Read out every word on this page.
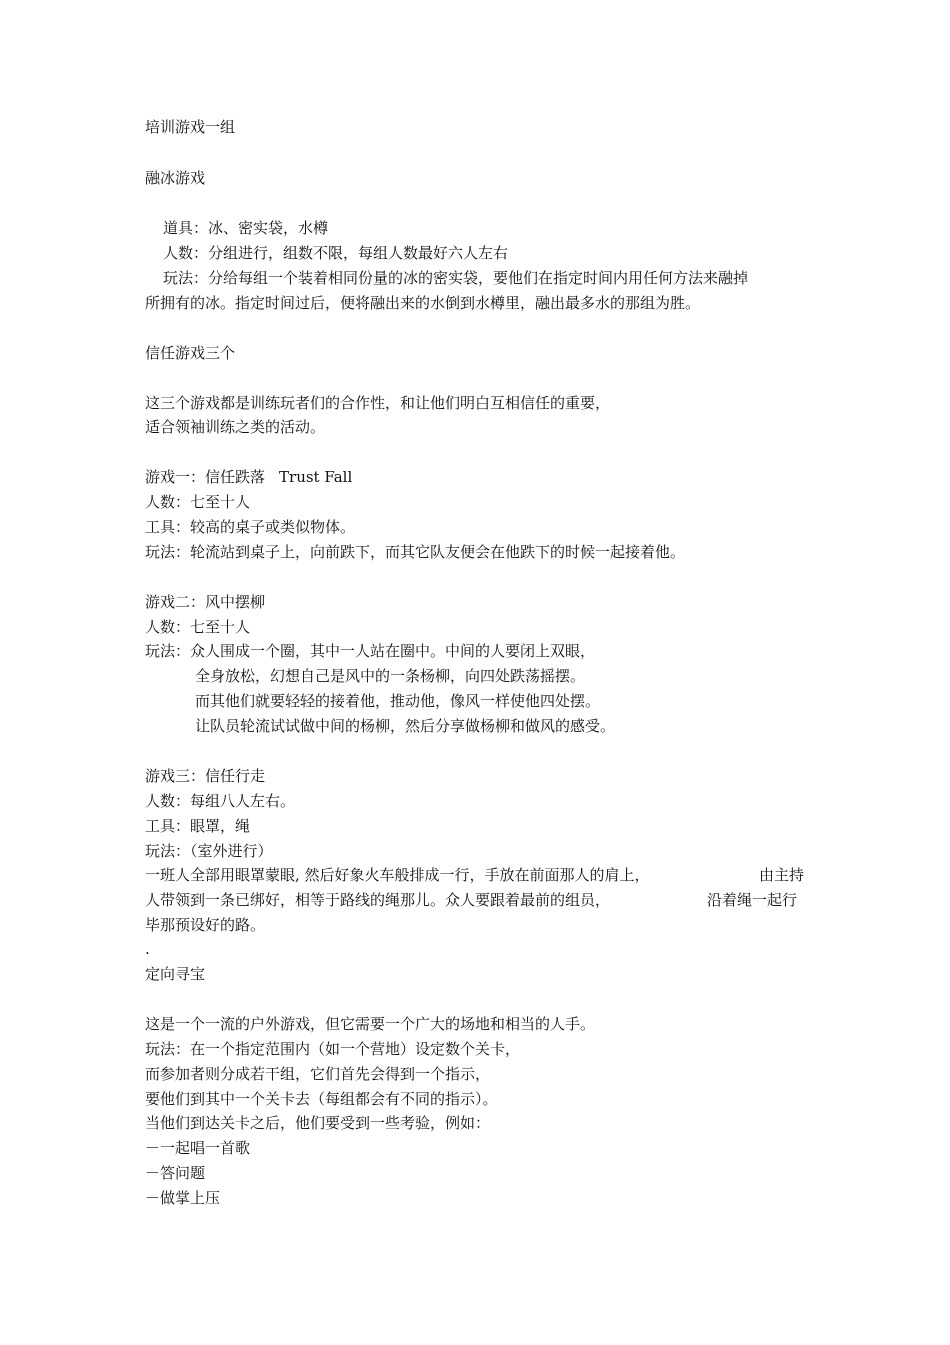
培训游戏一组
融冰游戏
道具：冰、密实袋，水樽
人数：分组进行，组数不限，每组人数最好六人左右
玩法：分给每组一个装着相同份量的冰的密实袋，要他们在指定时间内用任何方法来融掉
所拥有的冰。指定时间过后，便将融出来的水倒到水樽里，融出最多水的那组为胜。
信任游戏三个
这三个游戏都是训练玩者们的合作性，和让他们明白互相信任的重要，
适合领袖训练之类的活动。
游戏一：信任跌落 Trust Fall
人数：七至十人
工具：较高的桌子或类似物体。
玩法：轮流站到桌子上，向前跌下，而其它队友便会在他跌下的时候一起接着他。
游戏二：风中摆柳
人数：七至十人
玩法：众人围成一个圈，其中一人站在圈中。中间的人要闭上双眼，
全身放松，幻想自己是风中的一条杨柳，向四处跌荡摇摆。
而其他们就要轻轻的接着他，推动他，像风一样使他四处摆。
让队员轮流试试做中间的杨柳，然后分享做杨柳和做风的感受。
游戏三：信任行走
人数：每组八人左右。
工具：眼罩，绳
玩法：（室外进行）
一班人全部用眼罩蒙眼, 然后好象火车般排成一行，手放在前面那人的肩上，	由主持
人带领到一条已绑好，相等于路线的绳那儿。众人要跟着最前的组员，	沿着绳一起行
毕那预设好的路。
.
定向寻宝
这是一个一流的户外游戏，但它需要一个广大的场地和相当的人手。
玩法：在一个指定范围内（如一个营地）设定数个关卡，
而参加者则分成若干组，它们首先会得到一个指示，
要他们到其中一个关卡去（每组都会有不同的指示）。
当他们到达关卡之后，他们要受到一些考验，例如：
－一起唱一首歌
－答问题
－做掌上压
